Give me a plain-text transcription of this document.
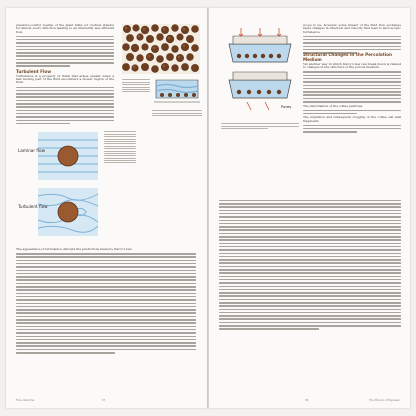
pressure-control regime of the giant blind (or cushion stands) for almost every direction leading to an inherently less efficient flow.

Turbulent Flow

Turbulence is a property of fluids that arises usually when a fast moving part of the fluid encounters a slower region of the fluid.

Laminar flow
Turbulent flow

The appearance of turbulence disrupts the predictions made by Darcy's law.

Flow dilemma	37

scope to be, however, some impact of the fluid flow exchange rapid changes in direction and velocity that lead to microscopic turbulence.

Pores
Structural Changes in the Percolation Medium

Yet another way in which Darcy's law can break down is related to changes in the structure of the porous medium.

The deformation of the coffee particles

The migration and subsequent clogging of the coffee cell wall fragments

38	The Physics of Espresso
